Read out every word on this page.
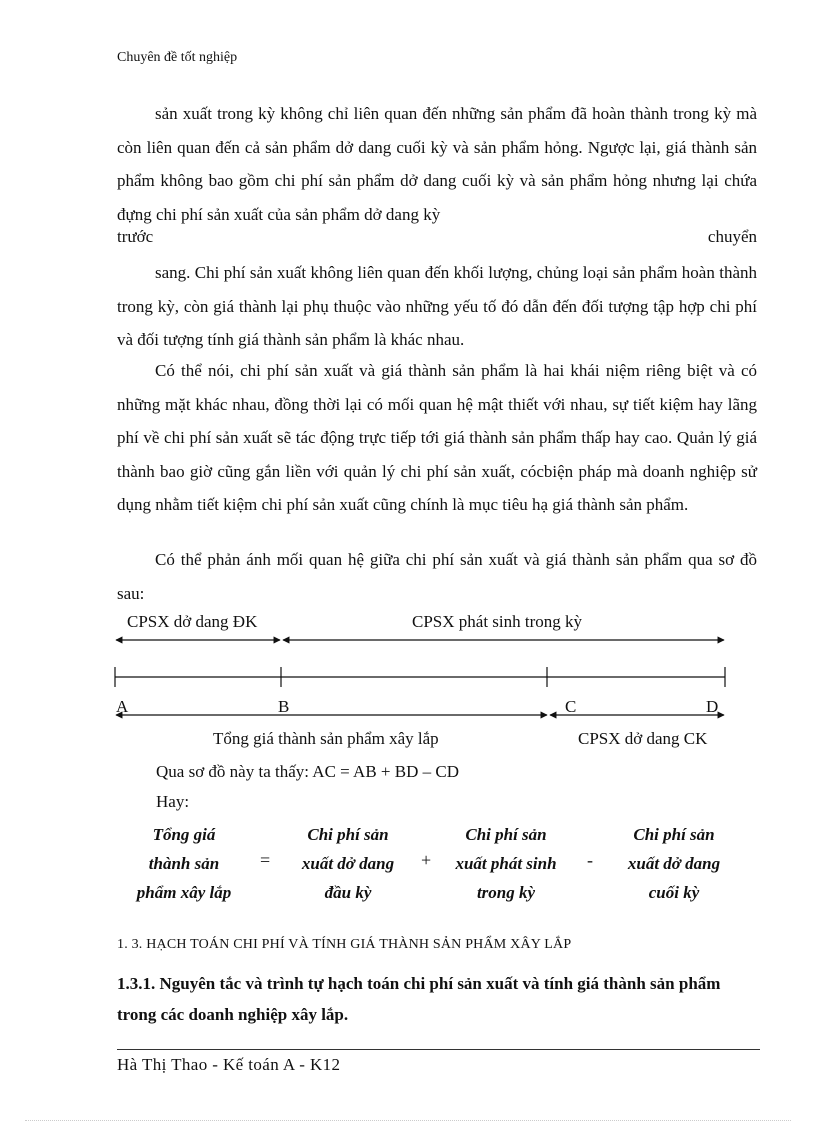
Chuyên đề tốt nghiệp

sản xuất trong kỳ không chỉ liên quan đến những sản phẩm đã hoàn thành trong kỳ mà còn liên quan đến cả sản phẩm dở dang cuối kỳ và sản phẩm hỏng. Ngược lại, giá thành sản phẩm không bao gồm chi phí sản phẩm dở dang cuối kỳ và sản phẩm hỏng nhưng lại chứa đựng chi phí sản xuất của sản phẩm dở dang kỳ

trước	chuyển

sang. Chi phí sản xuất không liên quan đến khối lượng, chủng loại sản phẩm hoàn thành trong kỳ, còn giá thành lại phụ thuộc vào những yếu tố đó dẫn đến đối tượng tập hợp chi phí và đối tượng tính giá thành sản phẩm là khác nhau.

Có thể nói, chi phí sản xuất và giá thành sản phẩm là hai khái niệm riêng biệt và có những mặt khác nhau, đồng thời lại có mối quan hệ mật thiết với nhau, sự tiết kiệm hay lãng phí về chi phí sản xuất sẽ tác động trực tiếp tới giá thành sản phẩm thấp hay cao. Quản lý giá thành bao giờ cũng gắn liền với quản lý chi phí sản xuất, cócbiện pháp mà doanh nghiệp sử dụng nhằm tiết kiệm chi phí sản xuất cũng chính là mục tiêu hạ giá thành sản phẩm.

Có thể phản ánh mối quan hệ giữa chi phí sản xuất và giá thành sản phẩm qua sơ đồ sau:

CPSX dở dang ĐK	CPSX phát sinh trong kỳ
A	B	C	D
Tổng giá thành sản phẩm xây lắp	CPSX dở dang CK
Qua sơ đồ này ta thấy: AC = AB + BD – CD
Hay:
Tổng giá
thành sản
phẩm xây lắp
=
Chi phí sản
xuất dở dang
đầu kỳ
+
Chi phí sản
xuất phát sinh
trong kỳ
-
Chi phí sản
xuất dở dang
cuối kỳ
1. 3. HẠCH TOÁN CHI PHÍ VÀ TÍNH GIÁ THÀNH SẢN PHẨM XÂY LẮP

1.3.1. Nguyên tắc và trình tự hạch toán chi phí sản xuất và tính giá thành sản phẩm trong các doanh nghiệp xây lắp.

Hà Thị Thao - Kế toán A - K12
